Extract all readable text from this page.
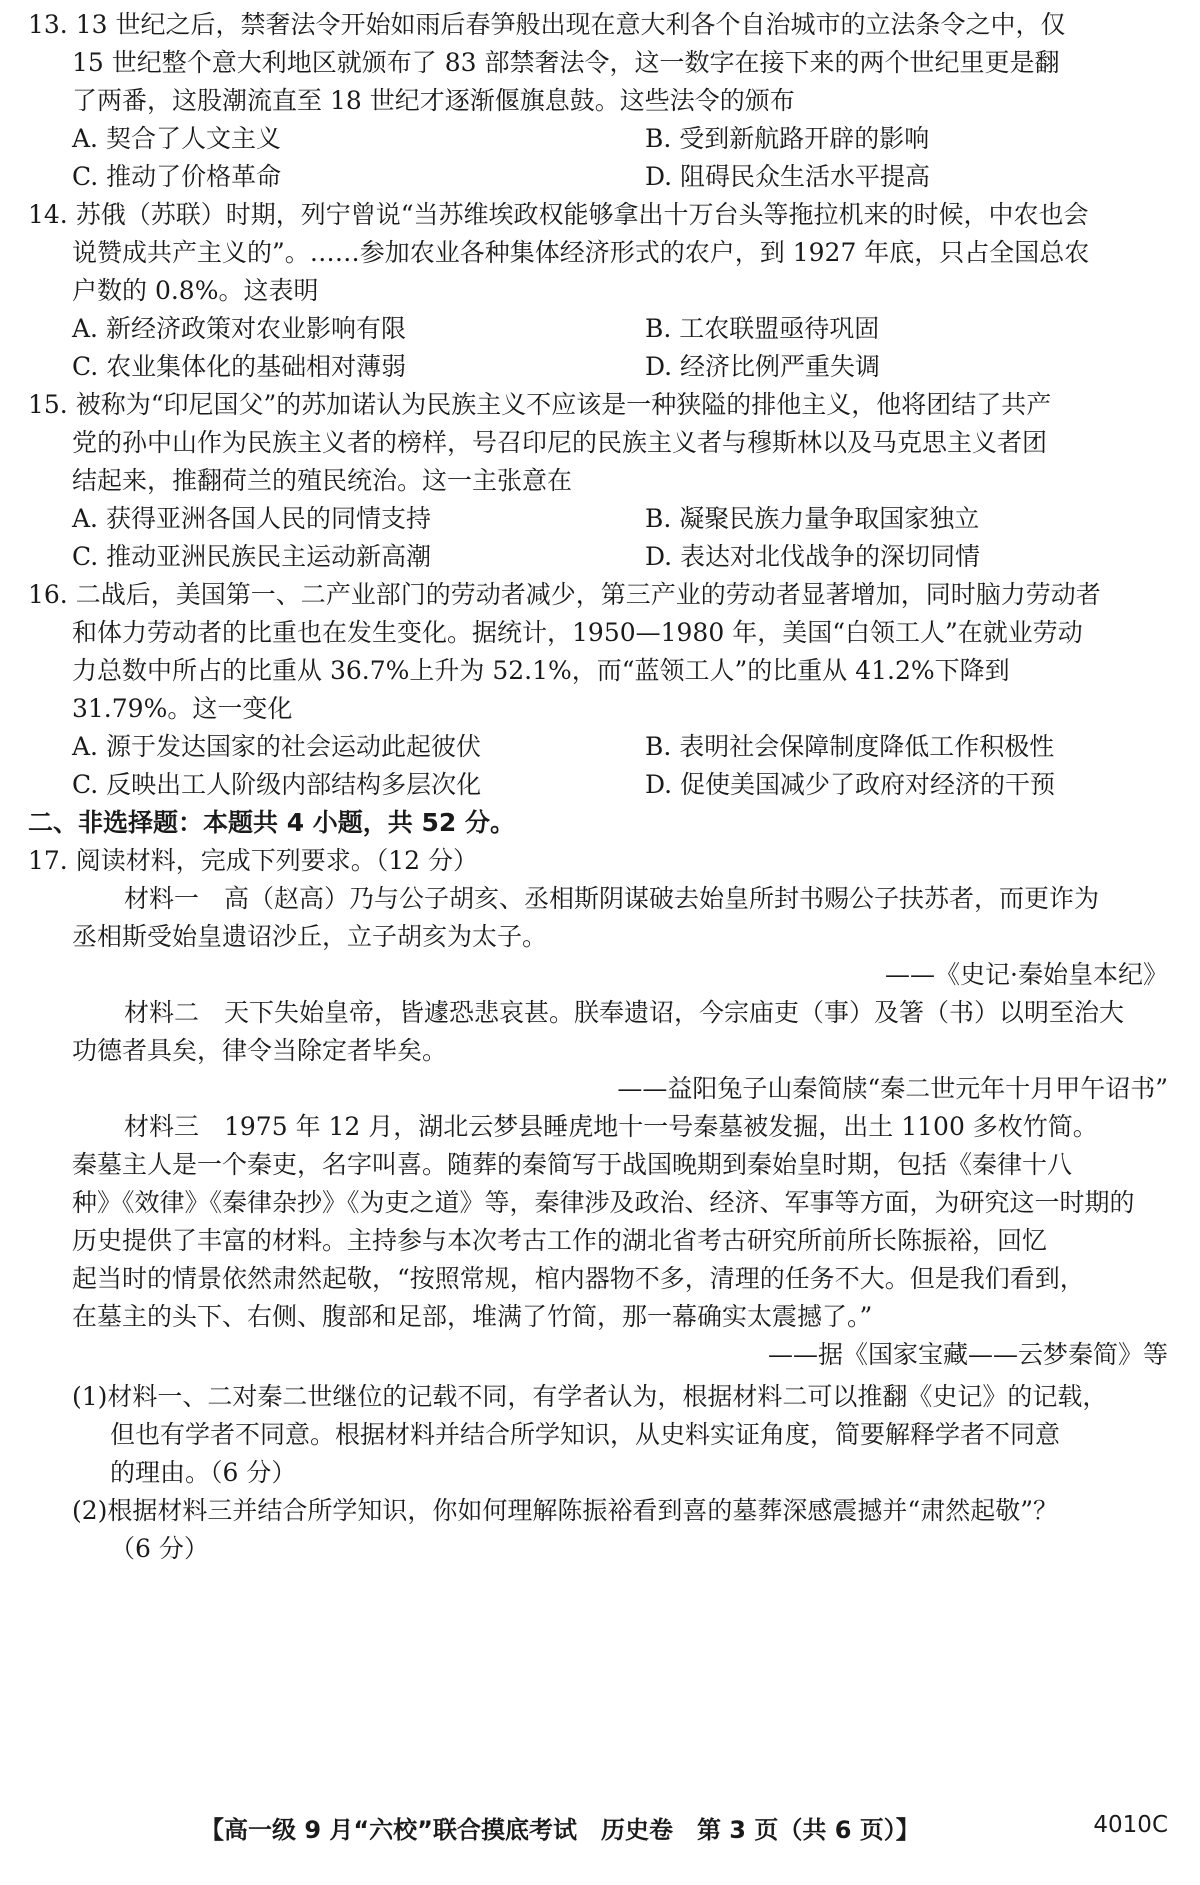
13. 13 世纪之后，禁奢法令开始如雨后春笋般出现在意大利各个自治城市的立法条令之中，仅
15 世纪整个意大利地区就颁布了 83 部禁奢法令，这一数字在接下来的两个世纪里更是翻
了两番，这股潮流直至 18 世纪才逐渐偃旗息鼓。这些法令的颁布
A. 契合了人文主义	B. 受到新航路开辟的影响
C. 推动了价格革命	D. 阻碍民众生活水平提高
14. 苏俄（苏联）时期，列宁曾说“当苏维埃政权能够拿出十万台头等拖拉机来的时候，中农也会
说赞成共产主义的”。……参加农业各种集体经济形式的农户，到 1927 年底，只占全国总农
户数的 0.8%。这表明
A. 新经济政策对农业影响有限	B. 工农联盟亟待巩固
C. 农业集体化的基础相对薄弱	D. 经济比例严重失调
15. 被称为“印尼国父”的苏加诺认为民族主义不应该是一种狭隘的排他主义，他将团结了共产
党的孙中山作为民族主义者的榜样，号召印尼的民族主义者与穆斯林以及马克思主义者团
结起来，推翻荷兰的殖民统治。这一主张意在
A. 获得亚洲各国人民的同情支持	B. 凝聚民族力量争取国家独立
C. 推动亚洲民族民主运动新高潮	D. 表达对北伐战争的深切同情
16. 二战后，美国第一、二产业部门的劳动者减少，第三产业的劳动者显著增加，同时脑力劳动者
和体力劳动者的比重也在发生变化。据统计，1950—1980 年，美国“白领工人”在就业劳动
力总数中所占的比重从 36.7%上升为 52.1%，而“蓝领工人”的比重从 41.2%下降到
31.79%。这一变化
A. 源于发达国家的社会运动此起彼伏	B. 表明社会保障制度降低工作积极性
C. 反映出工人阶级内部结构多层次化	D. 促使美国减少了政府对经济的干预
二、非选择题：本题共 4 小题，共 52 分。
17. 阅读材料，完成下列要求。（12 分）
材料一　高（赵高）乃与公子胡亥、丞相斯阴谋破去始皇所封书赐公子扶苏者，而更诈为
丞相斯受始皇遗诏沙丘，立子胡亥为太子。
——《史记·秦始皇本纪》
材料二　天下失始皇帝，皆遽恐悲哀甚。朕奉遗诏，今宗庙吏（事）及箸（书）以明至治大
功德者具矣，律令当除定者毕矣。
——益阳兔子山秦简牍“秦二世元年十月甲午诏书”
材料三　1975 年 12 月，湖北云梦县睡虎地十一号秦墓被发掘，出土 1100 多枚竹简。
秦墓主人是一个秦吏，名字叫喜。随葬的秦简写于战国晚期到秦始皇时期，包括《秦律十八
种》《效律》《秦律杂抄》《为吏之道》等，秦律涉及政治、经济、军事等方面，为研究这一时期的
历史提供了丰富的材料。主持参与本次考古工作的湖北省考古研究所前所长陈振裕，回忆
起当时的情景依然肃然起敬，“按照常规，棺内器物不多，清理的任务不大。但是我们看到，
在墓主的头下、右侧、腹部和足部，堆满了竹简，那一幕确实太震撼了。”
——据《国家宝藏——云梦秦简》等
(1)材料一、二对秦二世继位的记载不同，有学者认为，根据材料二可以推翻《史记》的记载，
但也有学者不同意。根据材料并结合所学知识，从史料实证角度，简要解释学者不同意
的理由。（6 分）
(2)根据材料三并结合所学知识，你如何理解陈振裕看到喜的墓葬深感震撼并“肃然起敬”？
（6 分）
【高一级 9 月“六校”联合摸底考试　历史卷　第 3 页（共 6 页）】	4010C
